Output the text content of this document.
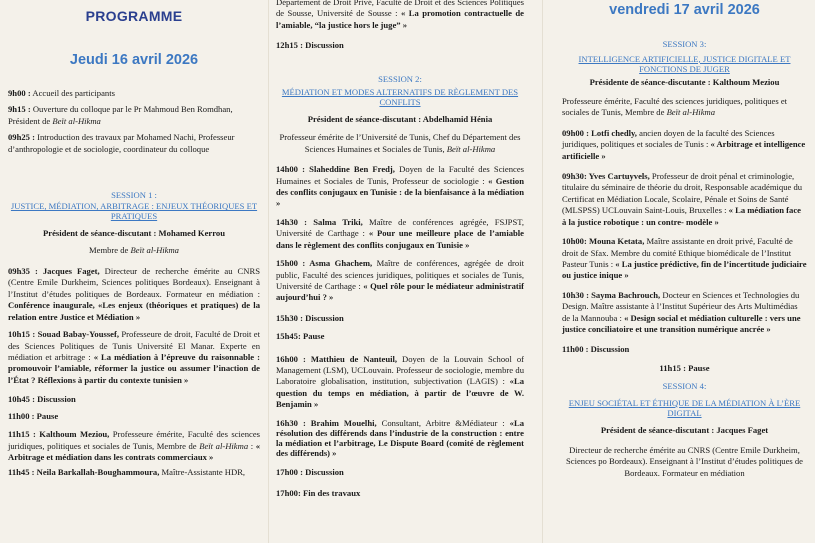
PROGRAMME
Jeudi 16 avril 2026

9h00 : Accueil des participants

9h15 : Ouverture du colloque par le Pr Mahmoud Ben Romdhan, Président de Beït al-Hikma

09h25 : Introduction des travaux par Mohamed Nachi, Professeur d’anthropologie et de sociologie, coordinateur du colloque

SESSION 1 :
JUSTICE, MÉDIATION, ARBITRAGE : ENJEUX THÉORIQUES ET PRATIQUES
Président de séance-discutant : Mohamed Kerrou
Membre de Beït al-Hikma

09h35 : Jacques Faget, Directeur de recherche émérite au CNRS (Centre Emile Durkheim, Sciences politiques Bordeaux). Enseignant à l’Institut d’études politiques de Bordeaux. Formateur en médiation : Conférence inaugurale, «Les enjeux (théoriques et pratiques) de la relation entre Justice et Médiation »

10h15 : Souad Babay-Youssef, Professeure de droit, Faculté de Droit et des Sciences Politiques de Tunis Université El Manar. Experte en médiation et arbitrage : « La médiation à l’épreuve du raisonnable : promouvoir l’amiable, réformer la justice ou assumer l’inaction de l’État ? Réflexions à partir du contexte tunisien »

10h45 : Discussion

11h00 : Pause

11h15 : Kalthoum Meziou, Professeure émérite, Faculté des sciences juridiques, politiques et sociales de Tunis, Membre de Beït al-Hikma : « Arbitrage et médiation dans les contrats commerciaux »

11h45 : Neila Barkallah-Boughammoura, Maître-Assistante HDR,

Département de Droit Privé, Faculté de Droit et des Sciences Politiques de Sousse, Université de Sousse : « La promotion contractuelle de l’amiable, “la justice hors le juge” »

12h15 : Discussion

SESSION 2:
MÉDIATION ET MODES ALTERNATIFS DE RÈGLEMENT DES CONFLITS
Président de séance-discutant : Abdelhamid Hénia
Professeur émérite de l’Université de Tunis, Chef du Département des Sciences Humaines et Sociales de Tunis, Beït al-Hikma

14h00 : Slaheddine Ben Fredj, Doyen de la Faculté des Sciences Humaines et Sociales de Tunis, Professeur de sociologie : « Gestion des conflits conjugaux en Tunisie : de la bienfaisance à la médiation »

14h30 : Salma Triki, Maître de conférences agrégée, FSJPST, Université de Carthage : « Pour une meilleure place de l’amiable dans le règlement des conflits conjugaux en Tunisie »

15h00 : Asma Ghachem, Maître de conférences, agrégée de droit public, Faculté des sciences juridiques, politiques et sociales de Tunis, Université de Carthage : « Quel rôle pour le médiateur administratif aujourd’hui ? »

15h30 : Discussion

15h45: Pause

16h00 : Matthieu de Nanteuil, Doyen de la Louvain School of Management (LSM), UCLouvain. Professeur de sociologie, membre du Laboratoire globalisation, institution, subjectivation (LAGIS) : «La question du temps en médiation, à partir de l’œuvre de W. Benjamin »

16h30 : Brahim Mouelhi, Consultant, Arbitre &Médiateur : «La résolution des différends dans l’industrie de la construction : entre la médiation et l’arbitrage, Le Dispute Board (comité de règlement des différends) »

17h00 : Discussion

17h00: Fin des travaux

vendredi 17 avril 2026
SESSION 3:
INTELLIGENCE ARTIFICIELLE, JUSTICE DIGITALE ET FONCTIONS DE JUGER
Présidente de séance-discutante : Kalthoum Meziou

Professeure émérite, Faculté des sciences juridiques, politiques et sociales de Tunis, Membre de Beït al-Hikma

09h00 : Lotfi chedly, ancien doyen de la faculté des Sciences juridiques, politiques et sociales de Tunis : « Arbitrage et intelligence artificielle »

09h30: Yves Cartuyvels, Professeur de droit pénal et criminologie, titulaire du séminaire de théorie du droit, Responsable académique du Certificat en Médiation Locale, Scolaire, Pénale et Soins de Santé (MLSPSS) UCLouvain Saint-Louis, Bruxelles : « La médiation face à la justice robotique : un contre- modèle »

10h00: Mouna Ketata, Maître assistante en droit privé, Faculté de droit de Sfax. Membre du comité Ethique biomédicale de l’Institut Pasteur Tunis : « La justice prédictive, fin de l’incertitude judiciaire ou justice inique »

10h30 : Sayma Bachrouch, Docteur en Sciences et Technologies du Design. Maître assistante à l’Institut Supérieur des Arts Multimédias de la Mannouba : « Design social et médiation culturelle : vers une justice conciliatoire et une transition numérique ancrée »

11h00 : Discussion

11h15 : Pause
SESSION 4:
ENJEU SOCIÉTAL ET ÉTHIQUE DE LA MÉDIATION À L’ÈRE DIGITAL
Président de séance-discutant : Jacques Faget
Directeur de recherche émérite au CNRS (Centre Emile Durkheim, Sciences po Bordeaux). Enseignant à l’Institut d’études politiques de Bordeaux. Formateur en médiation
